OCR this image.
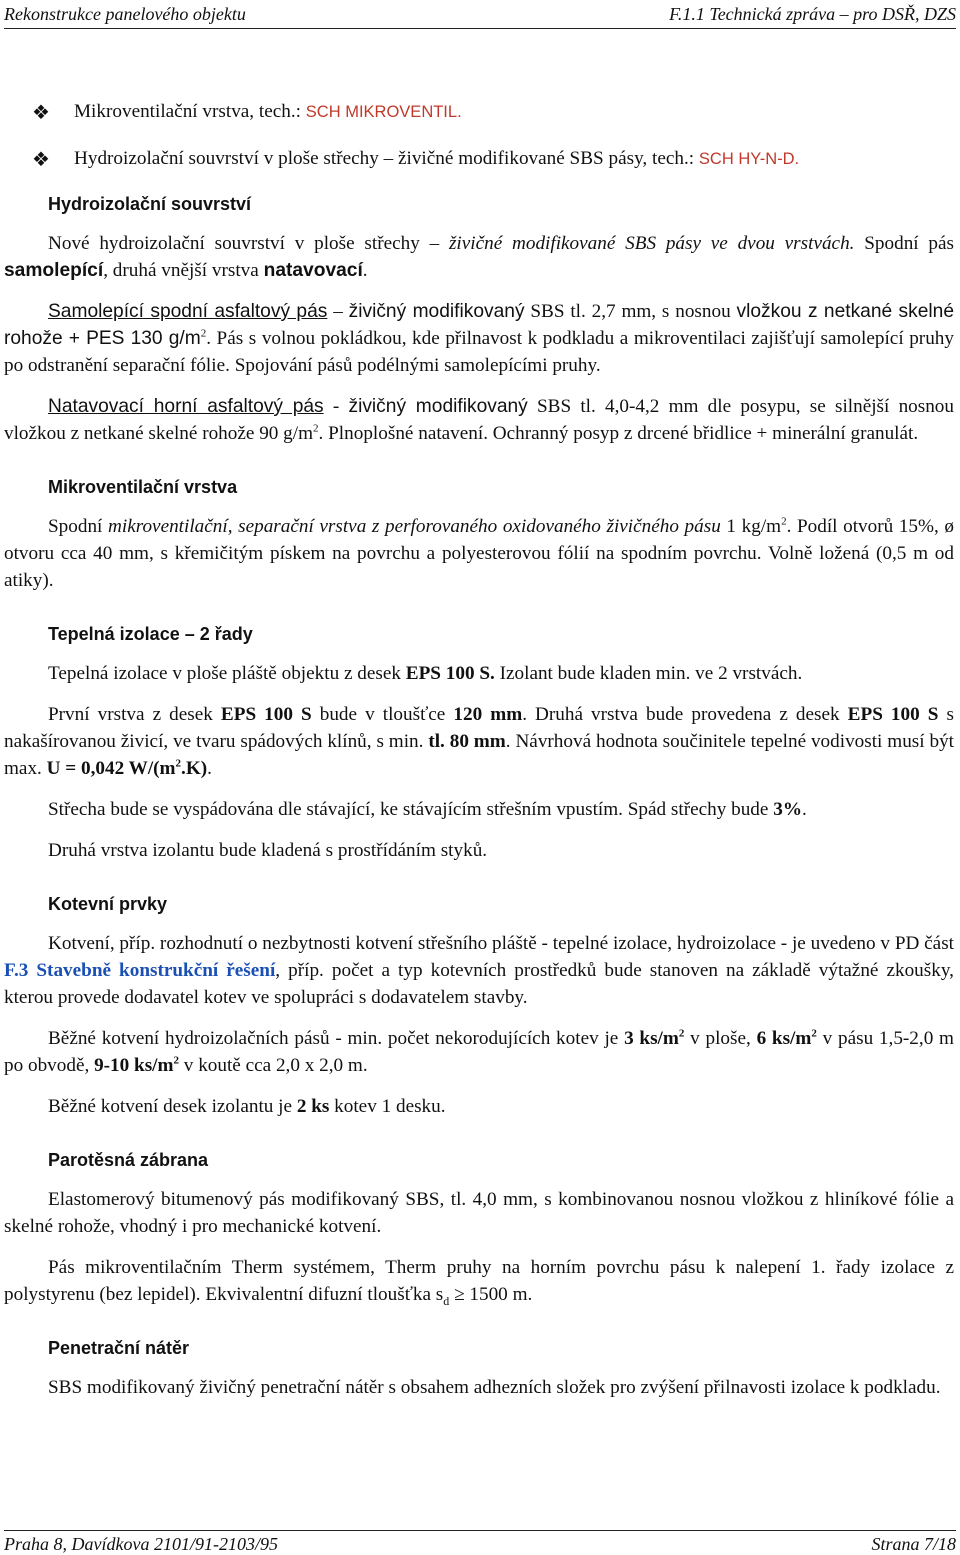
Rekonstrukce panelového objektu	F.1.1 Technická zpráva – pro DSŘ, DZS
❖ Mikroventilační vrstva, tech.: SCH MIKROVENTIL.
❖ Hydroizolační souvrství v ploše střechy – živičné modifikované SBS pásy, tech.: SCH HY-N-D.
Hydroizolační souvrství

Nové hydroizolační souvrství v ploše střechy – živičné modifikované SBS pásy ve dvou vrstvách. Spodní pás samolepící, druhá vnější vrstva natavovací.

Samolepící spodní asfaltový pás – živičný modifikovaný SBS tl. 2,7 mm, s nosnou vložkou z netkané skelné rohože + PES 130 $g/m^2$. Pás s volnou pokládkou, kde přilnavost k podkladu a mikroventilaci zajišťují samolepící pruhy po odstranění separační fólie. Spojování pásů podélnými samolepícími pruhy.

Natavovací horní asfaltový pás - živičný modifikovaný SBS tl. 4,0-4,2 mm dle posypu, se silnější nosnou vložkou z netkané skelné rohože 90 $g/m^2$. Plnoplošné natavení. Ochranný posyp z drcené břidlice + minerální granulát.

Mikroventilační vrstva

Spodní mikroventilační, separační vrstva z perforovaného oxidovaného živičného pásu 1 $kg/m^2$. Podíl otvorů 15%, ø otvoru cca 40 mm, s křemičitým pískem na povrchu a polyesterovou fólií na spodním povrchu. Volně ložená (0,5 m od atiky).

Tepelná izolace – 2 řady

Tepelná izolace v ploše pláště objektu z desek EPS 100 S. Izolant bude kladen min. ve 2 vrstvách.

První vrstva z desek EPS 100 S bude v tloušťce 120 mm. Druhá vrstva bude provedena z desek EPS 100 S s nakašírovanou živicí, ve tvaru spádových klínů, s min. tl. 80 mm. Návrhová hodnota součinitele tepelné vodivosti musí být max. U = 0,042 $W/(m^2.K)$.

Střecha bude se vyspádována dle stávající, ke stávajícím střešním vpustím. Spád střechy bude 3%.

Druhá vrstva izolantu bude kladená s prostřídáním styků.

Kotevní prvky

Kotvení, příp. rozhodnutí o nezbytnosti kotvení střešního pláště - tepelné izolace, hydroizolace - je uvedeno v PD část F.3 Stavebně konstrukční řešení, příp. počet a typ kotevních prostředků bude stanoven na základě výtažné zkoušky, kterou provede dodavatel kotev ve spolupráci s dodavatelem stavby.

Běžné kotvení hydroizolačních pásů - min. počet nekorodujících kotev je 3 $ks/m^2$ v ploše, 6 $ks/m^2$ v pásu 1,5-2,0 m po obvodě, 9-10 $ks/m^2$ v koutě cca 2,0 x 2,0 m.

Běžné kotvení desek izolantu je 2 ks kotev 1 desku.

Parotěsná zábrana

Elastomerový bitumenový pás modifikovaný SBS, tl. 4,0 mm, s kombinovanou nosnou vložkou z hliníkové fólie a skelné rohože, vhodný i pro mechanické kotvení.

Pás mikroventilačním Therm systémem, Therm pruhy na horním povrchu pásu k nalepení 1. řady izolace z polystyrenu (bez lepidel). Ekvivalentní difuzní tloušťka $s_d \ge 1500$ m.

Penetrační nátěr

SBS modifikovaný živičný penetrační nátěr s obsahem adhezních složek pro zvýšení přilnavosti izolace k podkladu.

Praha 8, Davídkova 2101/91-2103/95	Strana 7/18
